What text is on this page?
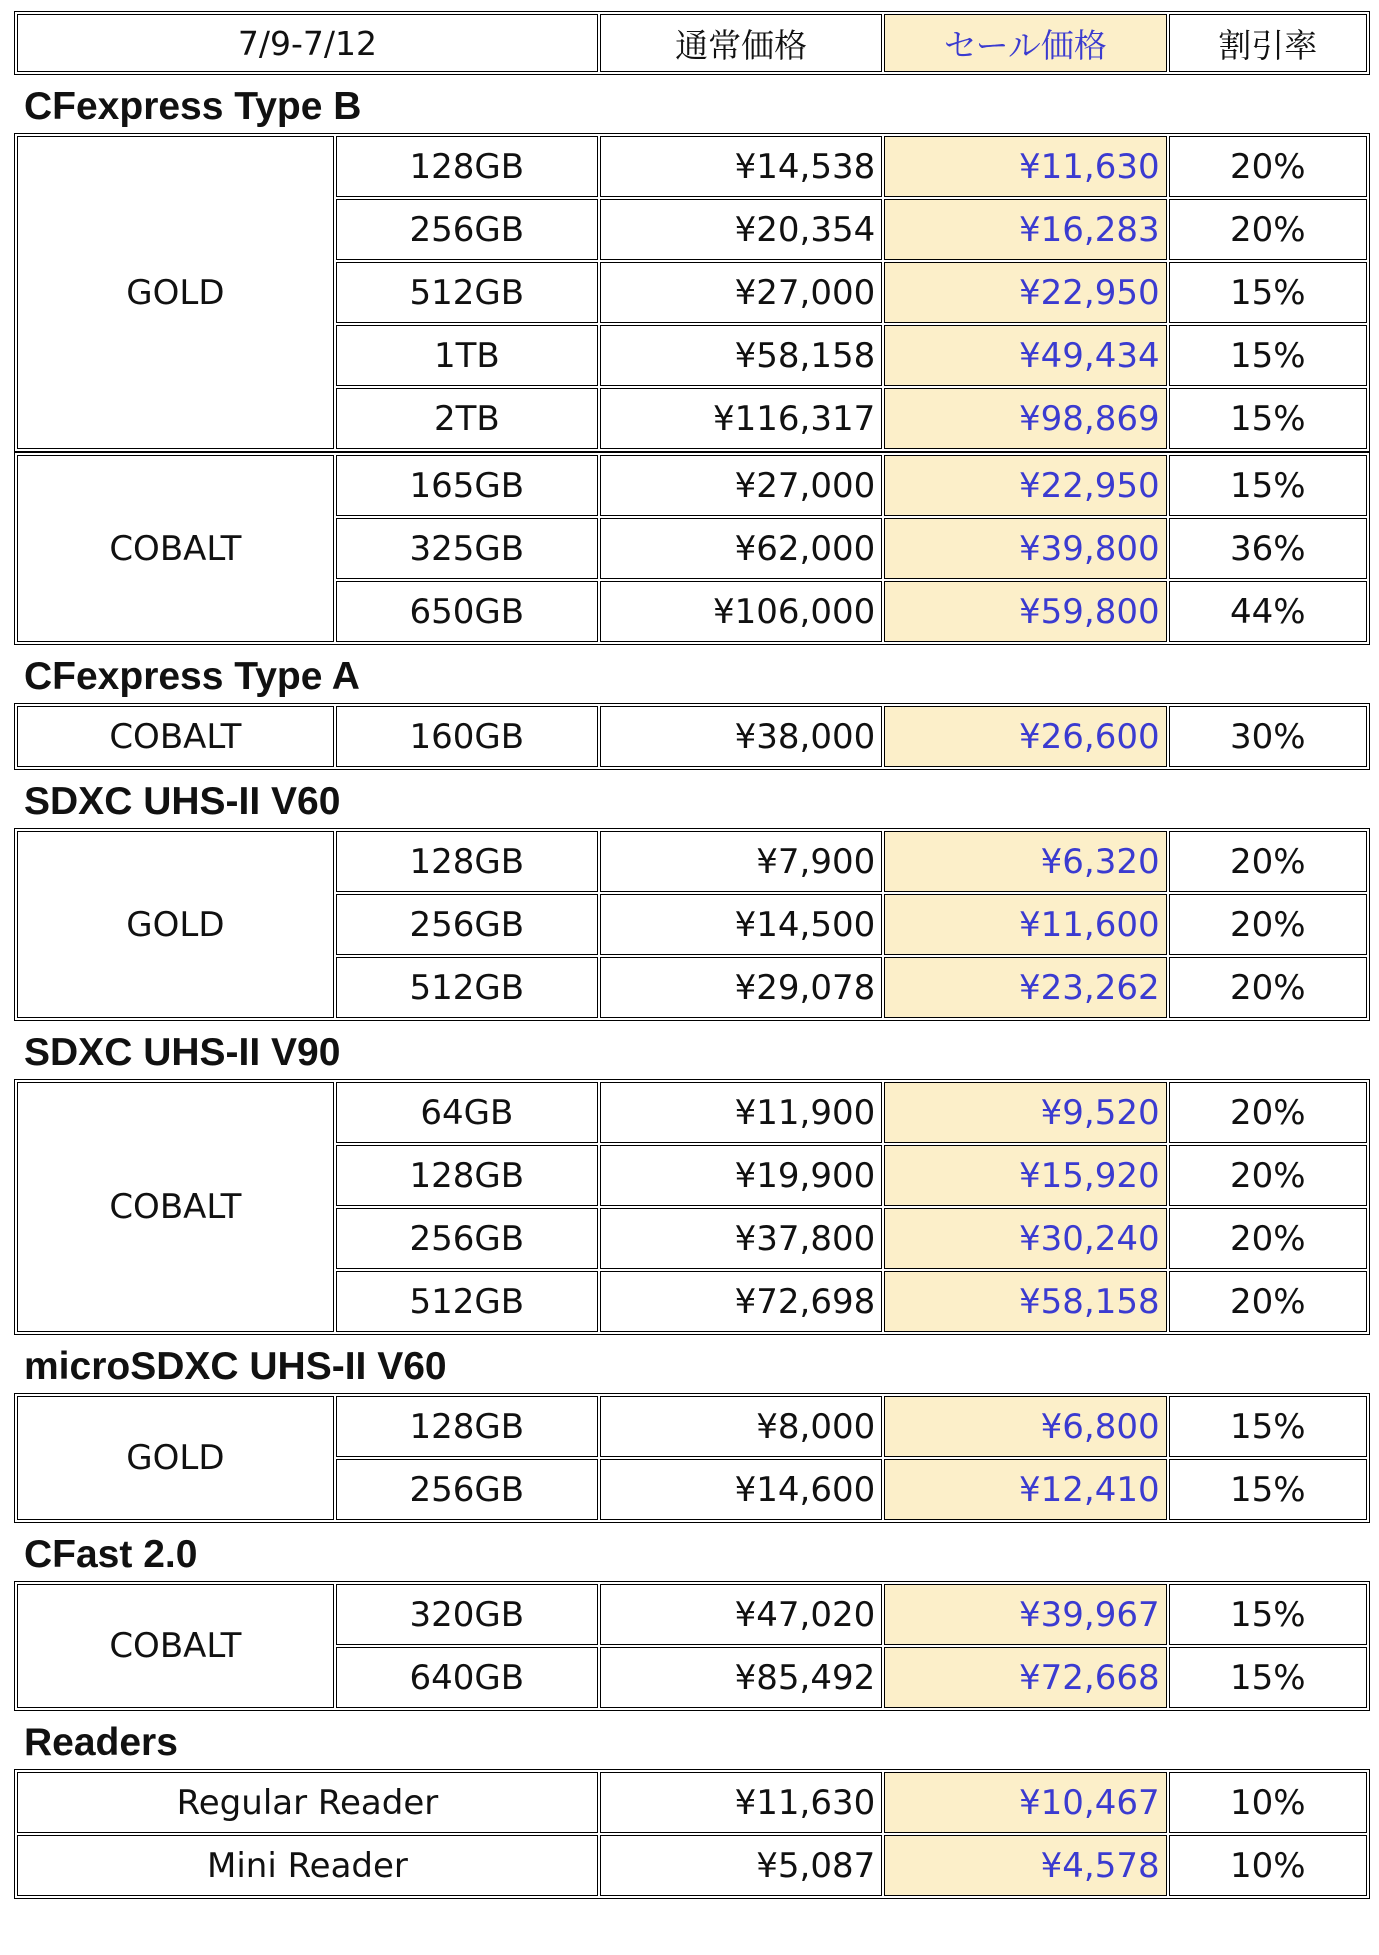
7/9-7/12	通常価格	セール価格	割引率
CFexpress Type B
GOLD	128GB	¥14,538	¥11,630	20%
	256GB	¥20,354	¥16,283	20%
	512GB	¥27,000	¥22,950	15%
	1TB	¥58,158	¥49,434	15%
	2TB	¥116,317	¥98,869	15%
COBALT	165GB	¥27,000	¥22,950	15%
	325GB	¥62,000	¥39,800	36%
	650GB	¥106,000	¥59,800	44%
CFexpress Type A
COBALT	160GB	¥38,000	¥26,600	30%
SDXC UHS-II V60
GOLD	128GB	¥7,900	¥6,320	20%
	256GB	¥14,500	¥11,600	20%
	512GB	¥29,078	¥23,262	20%
SDXC UHS-II V90
COBALT	64GB	¥11,900	¥9,520	20%
	128GB	¥19,900	¥15,920	20%
	256GB	¥37,800	¥30,240	20%
	512GB	¥72,698	¥58,158	20%
microSDXC UHS-II V60
GOLD	128GB	¥8,000	¥6,800	15%
	256GB	¥14,600	¥12,410	15%
CFast 2.0
COBALT	320GB	¥47,020	¥39,967	15%
	640GB	¥85,492	¥72,668	15%
Readers
Regular Reader	¥11,630	¥10,467	10%
Mini Reader	¥5,087	¥4,578	10%
